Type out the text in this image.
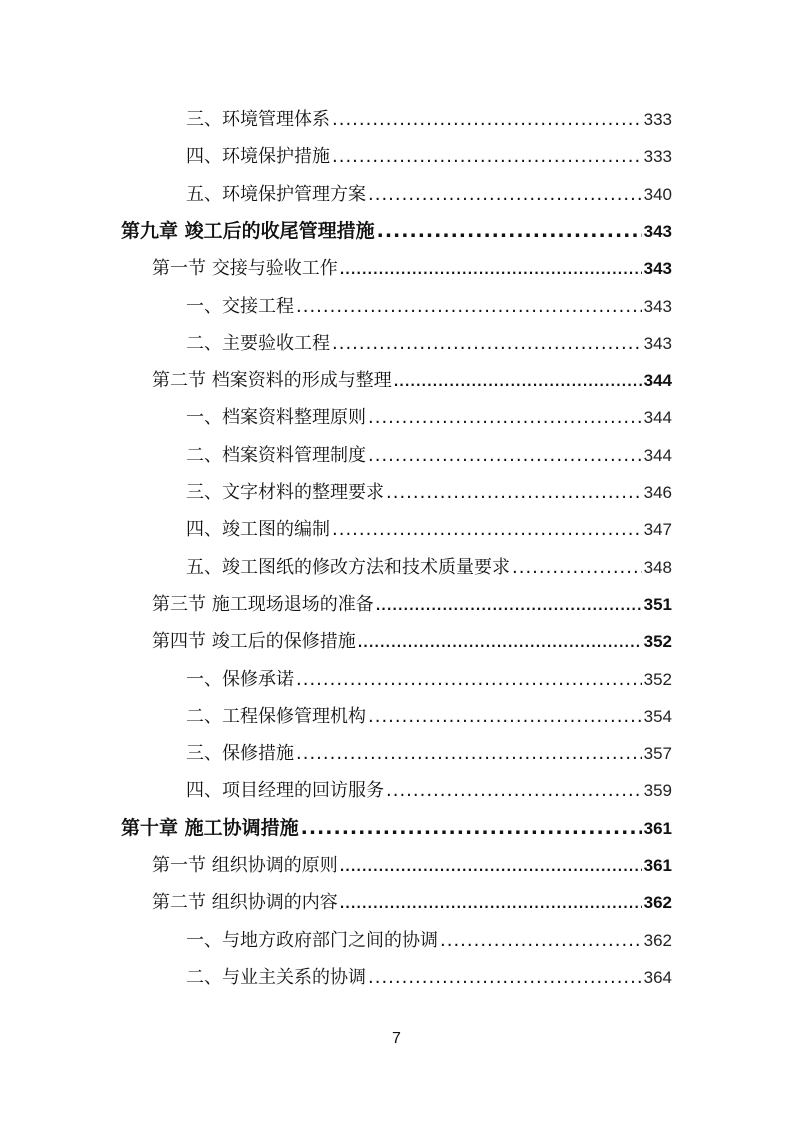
三、环境管理体系 .....	333
四、环境保护措施 .....	333
五、环境保护管理方案 .....	340
第九章 竣工后的收尾管理措施 .....	343
第一节 交接与验收工作 .....	343
一、交接工程 .....	343
二、主要验收工程 .....	343
第二节 档案资料的形成与整理 .....	344
一、档案资料整理原则 .....	344
二、档案资料管理制度 .....	344
三、文字材料的整理要求 .....	346
四、竣工图的编制 .....	347
五、竣工图纸的修改方法和技术质量要求 .....	348
第三节 施工现场退场的准备 .....	351
第四节 竣工后的保修措施 .....	352
一、保修承诺 .....	352
二、工程保修管理机构 .....	354
三、保修措施 .....	357
四、项目经理的回访服务 .....	359
第十章 施工协调措施 .....	361
第一节 组织协调的原则 .....	361
第二节 组织协调的内容 .....	362
一、与地方政府部门之间的协调 .....	362
二、与业主关系的协调 .....	364
7
